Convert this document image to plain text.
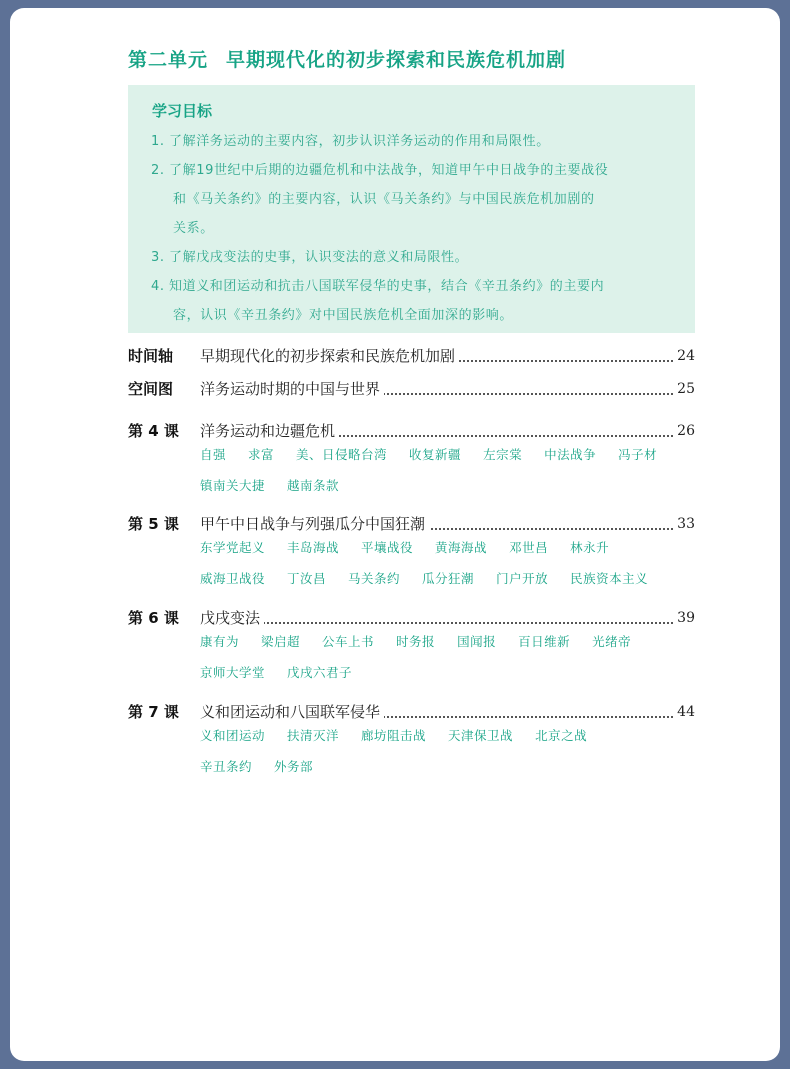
第二单元 早期现代化的初步探索和民族危机加剧
学习目标
1. 了解洋务运动的主要内容，初步认识洋务运动的作用和局限性。
2. 了解19世纪中后期的边疆危机和中法战争，知道甲午中日战争的主要战役
和《马关条约》的主要内容，认识《马关条约》与中国民族危机加剧的
关系。
3. 了解戊戌变法的史事，认识变法的意义和局限性。
4. 知道义和团运动和抗击八国联军侵华的史事，结合《辛丑条约》的主要内
容，认识《辛丑条约》对中国民族危机全面加深的影响。
时间轴 早期现代化的初步探索和民族危机加剧	24
空间图 洋务运动时期的中国与世界	25
第 4 课 洋务运动和边疆危机	26
自强 求富 美、日侵略台湾 收复新疆 左宗棠 中法战争 冯子材
镇南关大捷 越南条款
第 5 课 甲午中日战争与列强瓜分中国狂潮	33
东学党起义 丰岛海战 平壤战役 黄海海战 邓世昌 林永升
威海卫战役 丁汝昌 马关条约 瓜分狂潮 门户开放 民族资本主义
第 6 课 戊戌变法	39
康有为 梁启超 公车上书 时务报 国闻报 百日维新 光绪帝
京师大学堂 戊戌六君子
第 7 课 义和团运动和八国联军侵华	44
义和团运动 扶清灭洋 廊坊阻击战 天津保卫战 北京之战
辛丑条约 外务部
